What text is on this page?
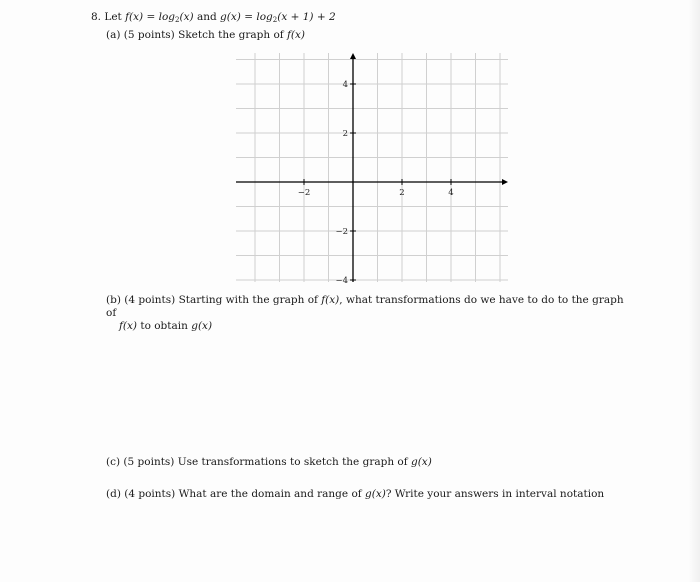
8. Let $f(x) = \log_2(x)$ and $g(x) = \log_2(x + 1) + 2$
(a) (5 points) Sketch the graph of f(x)
−2	2	4
4
2
−2
−4
(b) (4 points) Starting with the graph of f(x), what transformations do we have to do to the graph of
f(x) to obtain g(x)
(c) (5 points) Use transformations to sketch the graph of g(x)
(d) (4 points) What are the domain and range of g(x)? Write your answers in interval notation
